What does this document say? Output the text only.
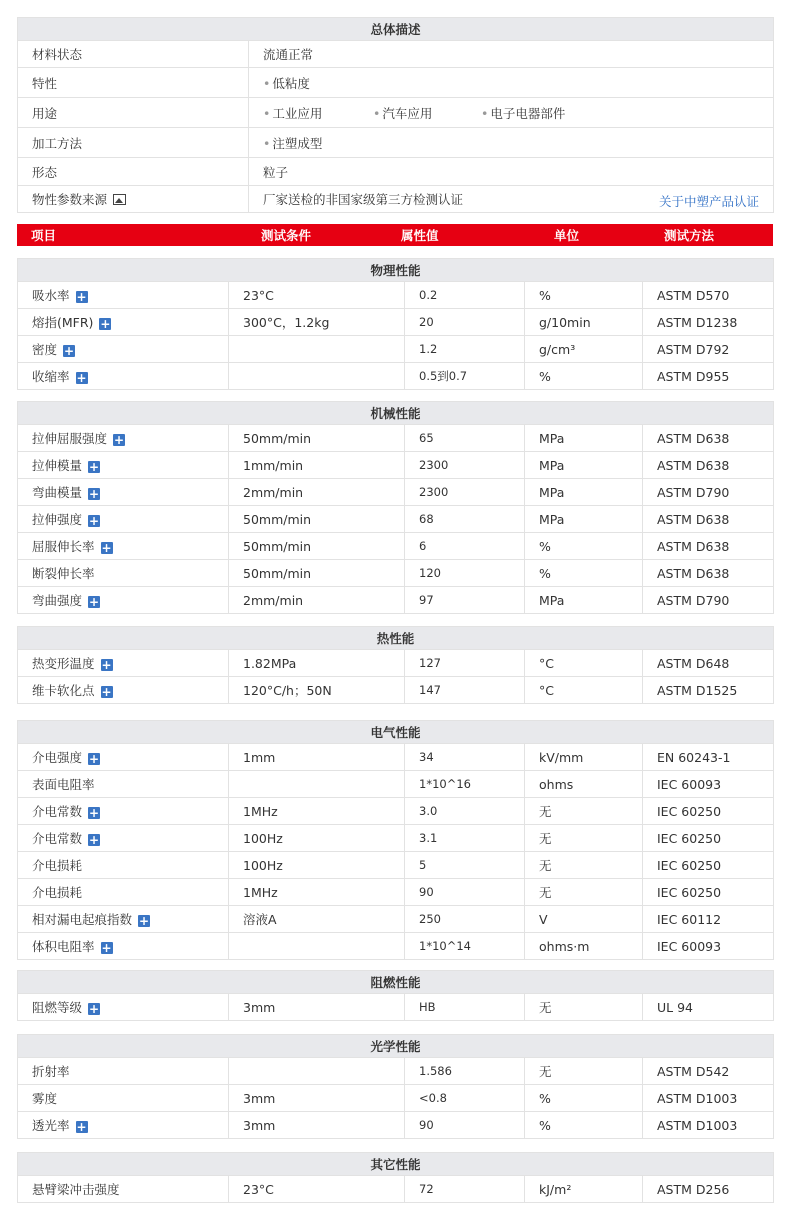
总体描述	
材料状态	流通正常
特性	• 低粘度
用途	• 工业应用 • 汽车应用 • 电子电器部件
加工方法	• 注塑成型
形态	粒子
物性参数来源	厂家送检的非国家级第三方检测认证 关于中塑产品认证
项目	测试条件	属性值	单位	测试方法
物理性能				
吸水率 +	23°C	0.2	%	ASTM D570
熔指(MFR) +	300°C，1.2kg	20	g/10min	ASTM D1238
密度 +		1.2	g/cm³	ASTM D792
收缩率 +		0.5到0.7	%	ASTM D955
机械性能				
拉伸屈服强度 +	50mm/min	65	MPa	ASTM D638
拉伸模量 +	1mm/min	2300	MPa	ASTM D638
弯曲模量 +	2mm/min	2300	MPa	ASTM D790
拉伸强度 +	50mm/min	68	MPa	ASTM D638
屈服伸长率 +	50mm/min	6	%	ASTM D638
断裂伸长率	50mm/min	120	%	ASTM D638
弯曲强度 +	2mm/min	97	MPa	ASTM D790
热性能				
热变形温度 +	1.82MPa	127	°C	ASTM D648
维卡软化点 +	120°C/h；50N	147	°C	ASTM D1525
电气性能				
介电强度 +	1mm	34	kV/mm	EN 60243-1
表面电阻率		1*10^16	ohms	IEC 60093
介电常数 +	1MHz	3.0	无	IEC 60250
介电常数 +	100Hz	3.1	无	IEC 60250
介电损耗	100Hz	5	无	IEC 60250
介电损耗	1MHz	90	无	IEC 60250
相对漏电起痕指数 +	溶液A	250	V	IEC 60112
体积电阻率 +		1*10^14	ohms·m	IEC 60093
阻燃性能
阻燃等级 +	3mm	HB	无	UL 94
光学性能				
折射率		1.586	无	ASTM D542
雾度	3mm	<0.8	%	ASTM D1003
透光率 +	3mm	90	%	ASTM D1003
其它性能
悬臂梁冲击强度	23°C	72	kJ/m²	ASTM D256
